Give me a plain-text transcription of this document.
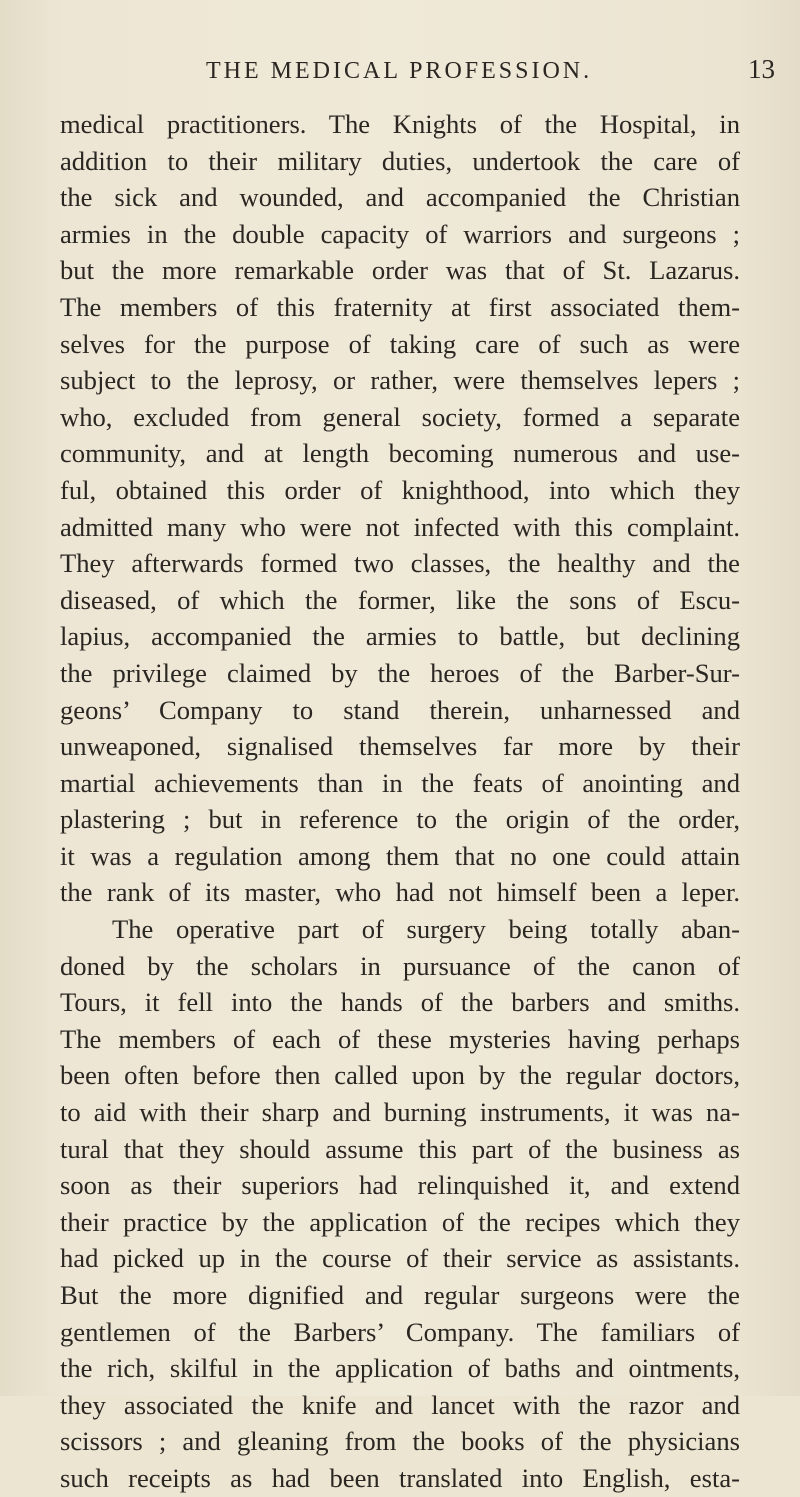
THE MEDICAL PROFESSION.	13
medical practitioners. The Knights of the Hospital, in
addition to their military duties, undertook the care of
the sick and wounded, and accompanied the Christian
armies in the double capacity of warriors and surgeons ;
but the more remarkable order was that of St. Lazarus.
The members of this fraternity at first associated them-
selves for the purpose of taking care of such as were
subject to the leprosy, or rather, were themselves lepers ;
who, excluded from general society, formed a separate
community, and at length becoming numerous and use-
ful, obtained this order of knighthood, into which they
admitted many who were not infected with this complaint.
They afterwards formed two classes, the healthy and the
diseased, of which the former, like the sons of Escu-
lapius, accompanied the armies to battle, but declining
the privilege claimed by the heroes of the Barber-Sur-
geons’ Company to stand therein, unharnessed and
unweaponed, signalised themselves far more by their
martial achievements than in the feats of anointing and
plastering ; but in reference to the origin of the order,
it was a regulation among them that no one could attain
the rank of its master, who had not himself been a leper.
The operative part of surgery being totally aban-
doned by the scholars in pursuance of the canon of
Tours, it fell into the hands of the barbers and smiths.
The members of each of these mysteries having perhaps
been often before then called upon by the regular doctors,
to aid with their sharp and burning instruments, it was na-
tural that they should assume this part of the business as
soon as their superiors had relinquished it, and extend
their practice by the application of the recipes which they
had picked up in the course of their service as assistants.
But the more dignified and regular surgeons were the
gentlemen of the Barbers’ Company. The familiars of
the rich, skilful in the application of baths and ointments,
they associated the knife and lancet with the razor and
scissors ; and gleaning from the books of the physicians
such receipts as had been translated into English, esta-
